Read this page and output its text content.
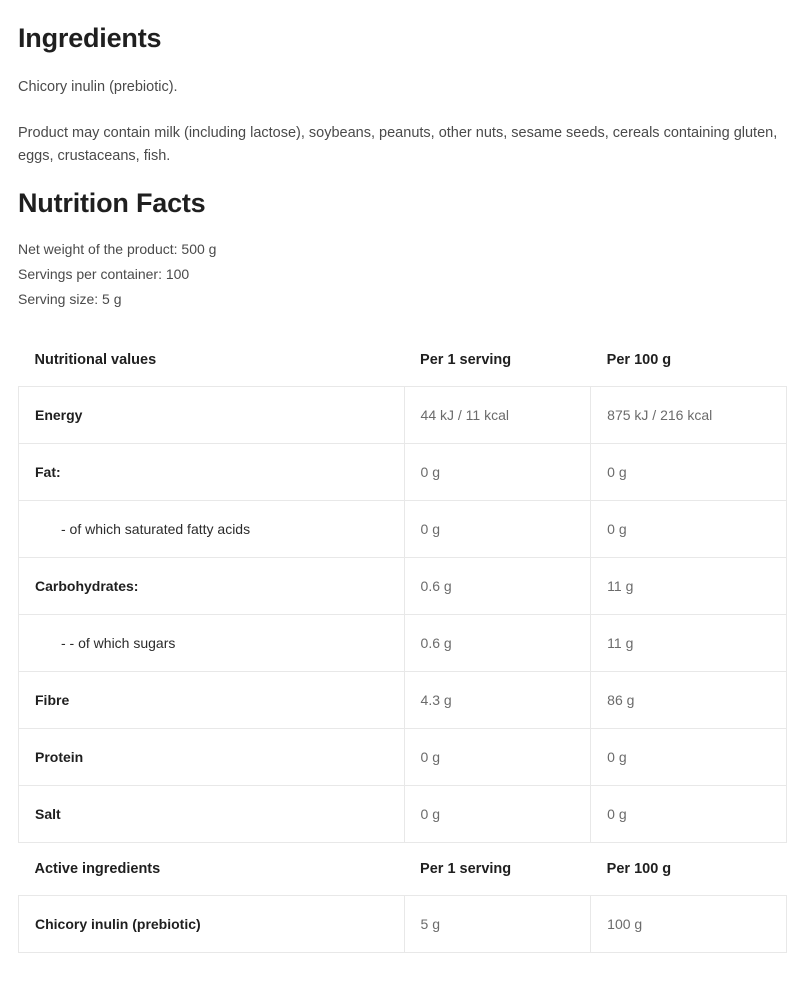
Ingredients

Chicory inulin (prebiotic).

Product may contain milk (including lactose), soybeans, peanuts, other nuts, sesame seeds, cereals containing gluten, eggs, crustaceans, fish.

Nutrition Facts
Net weight of the product: 500 g
Servings per container: 100
Serving size: 5 g
Nutritional values	Per 1 serving	Per 100 g
Energy	44 kJ / 11 kcal	875 kJ / 216 kcal
Fat:	0 g	0 g
- of which saturated fatty acids	0 g	0 g
Carbohydrates:	0.6 g	11 g
- - of which sugars	0.6 g	11 g
Fibre	4.3 g	86 g
Protein	0 g	0 g
Salt	0 g	0 g
Active ingredients	Per 1 serving	Per 100 g
Chicory inulin (prebiotic)	5 g	100 g
